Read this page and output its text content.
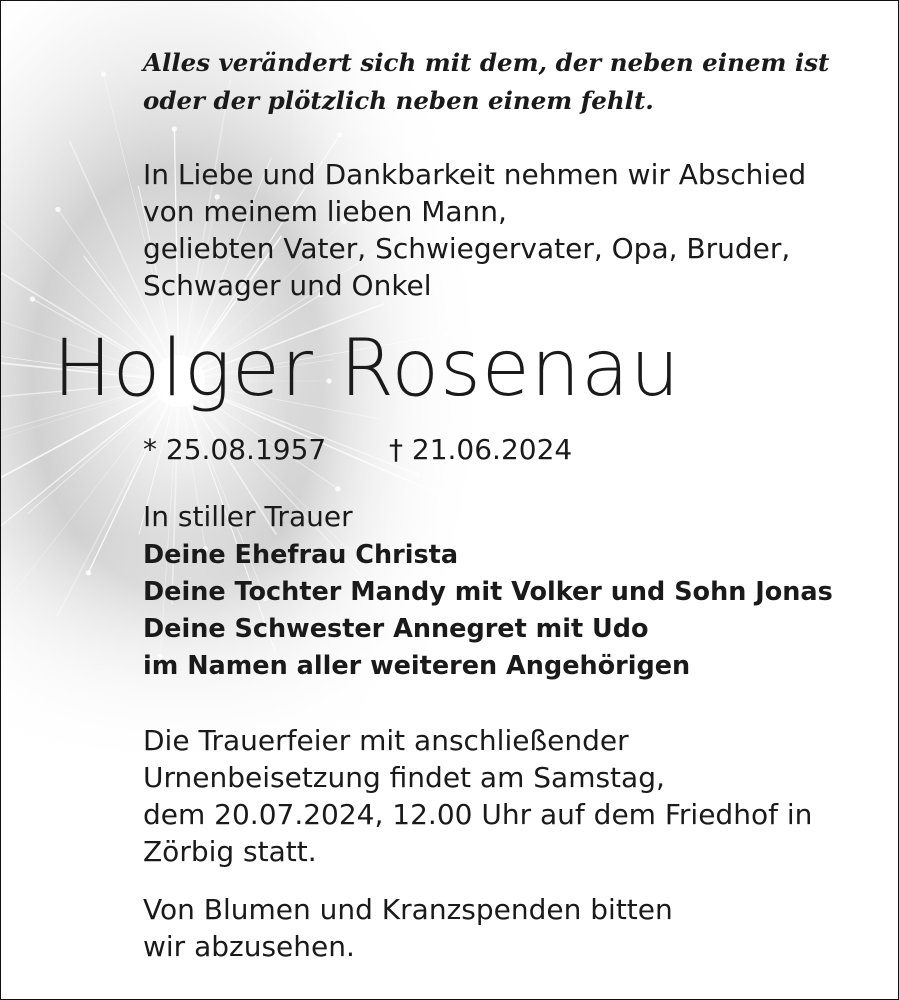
Alles verändert sich mit dem, der neben einem ist
oder der plötzlich neben einem fehlt.
In Liebe und Dankbarkeit nehmen wir Abschied
von meinem lieben Mann,
geliebten Vater, Schwiegervater, Opa, Bruder,
Schwager und Onkel
Holger Rosenau
* 25.08.1957 † 21.06.2024
In stiller Trauer
Deine Ehefrau Christa
Deine Tochter Mandy mit Volker und Sohn Jonas
Deine Schwester Annegret mit Udo
im Namen aller weiteren Angehörigen
Die Trauerfeier mit anschließender
Urnenbeisetzung findet am Samstag,
dem 20.07.2024, 12.00 Uhr auf dem Friedhof in
Zörbig statt.
Von Blumen und Kranzspenden bitten
wir abzusehen.
